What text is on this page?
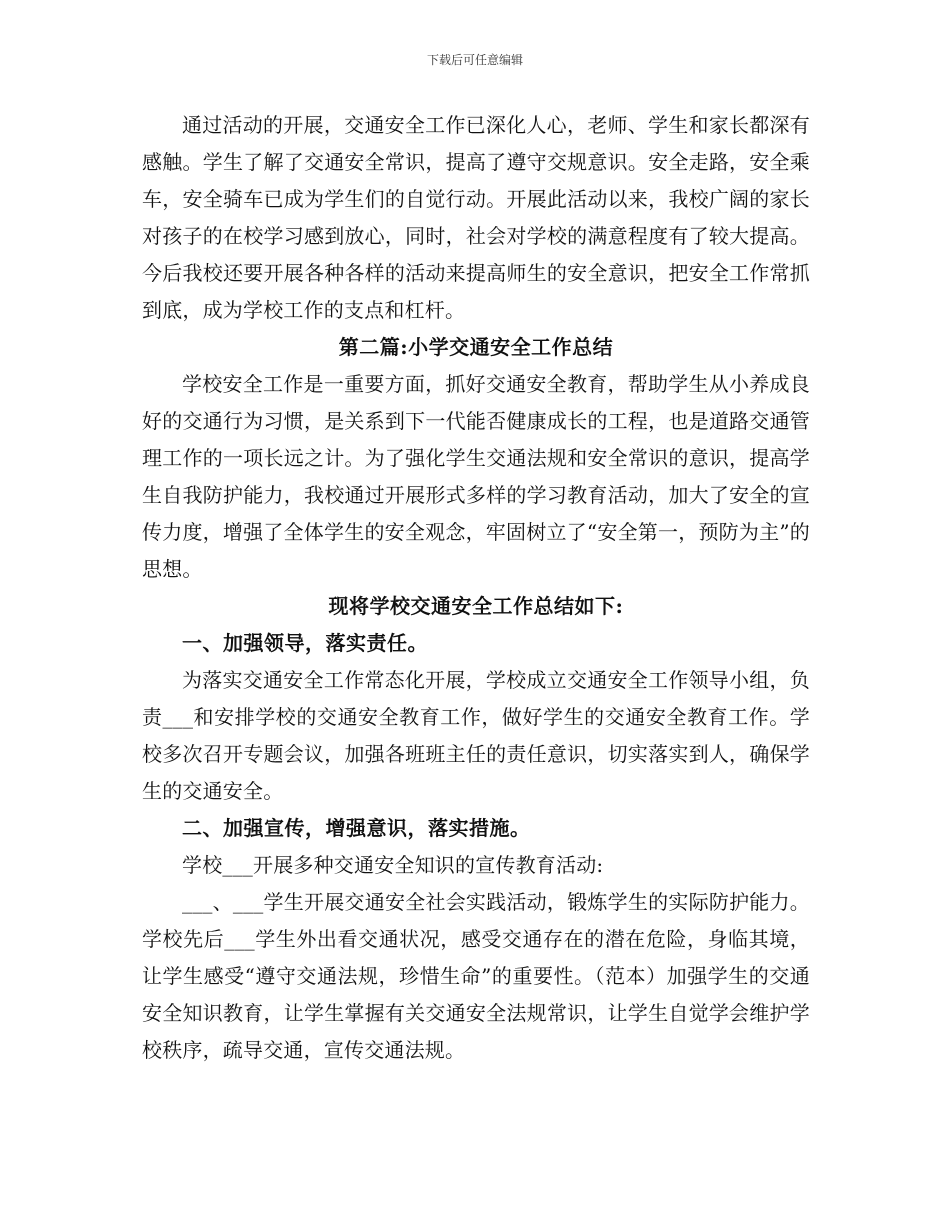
下载后可任意编辑

通过活动的开展，交通安全工作已深化人心，老师、学生和家长都深有感触。学生了解了交通安全常识，提高了遵守交规意识。安全走路，安全乘车，安全骑车已成为学生们的自觉行动。开展此活动以来，我校广阔的家长对孩子的在校学习感到放心，同时，社会对学校的满意程度有了较大提高。今后我校还要开展各种各样的活动来提高师生的安全意识，把安全工作常抓到底，成为学校工作的支点和杠杆。

第二篇:小学交通安全工作总结

学校安全工作是一重要方面，抓好交通安全教育，帮助学生从小养成良好的交通行为习惯，是关系到下一代能否健康成长的工程，也是道路交通管理工作的一项长远之计。为了强化学生交通法规和安全常识的意识，提高学生自我防护能力，我校通过开展形式多样的学习教育活动，加大了安全的宣传力度，增强了全体学生的安全观念，牢固树立了“安全第一，预防为主”的思想。

现将学校交通安全工作总结如下:

一、加强领导，落实责任。

为落实交通安全工作常态化开展，学校成立交通安全工作领导小组，负责___和安排学校的交通安全教育工作，做好学生的交通安全教育工作。学校多次召开专题会议，加强各班班主任的责任意识，切实落实到人，确保学生的交通安全。

二、加强宣传，增强意识，落实措施。

学校___开展多种交通安全知识的宣传教育活动:

___、___学生开展交通安全社会实践活动，锻炼学生的实际防护能力。学校先后___学生外出看交通状况，感受交通存在的潜在危险，身临其境，让学生感受“遵守交通法规，珍惜生命”的重要性。（范本）加强学生的交通安全知识教育，让学生掌握有关交通安全法规常识，让学生自觉学会维护学校秩序，疏导交通，宣传交通法规。
